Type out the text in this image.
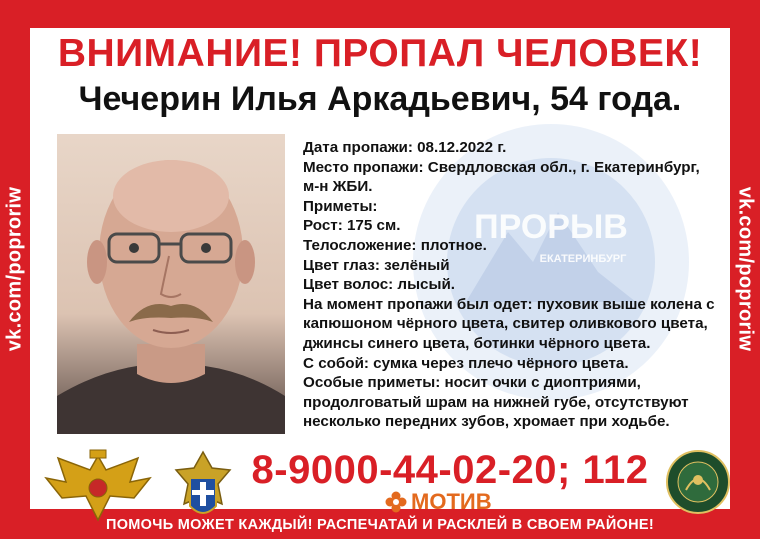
vk.com/poproriw	vk.com/poproriw
ВНИМАНИЕ! ПРОПАЛ ЧЕЛОВЕК!
Чечерин Илья Аркадьевич, 54 года.
ПРОРЫВ
ЕКАТЕРИНБУРГ
Дата пропажи: 08.12.2022 г.
Место пропажи: Свердловская обл., г. Екатеринбург,
м-н ЖБИ.
Приметы:
Рост: 175 см.
Телосложение: плотное.
Цвет глаз: зелёный
Цвет волос: лысый.
На момент пропажи был одет: пуховик выше колена с
капюшоном чёрного цвета, свитер оливкового цвета,
джинсы синего цвета, ботинки чёрного цвета.
С собой: сумка через плечо чёрного цвета.
Особые приметы: носит очки с диоптриями,
продолговатый шрам на нижней губе, отсутствуют
несколько передних зубов, хромает при ходьбе.
8-9000-44-02-20; 112
МОТИВ
ПОМОЧЬ МОЖЕТ КАЖДЫЙ! РАСПЕЧАТАЙ И РАСКЛЕЙ В СВОЕМ РАЙОНЕ!
